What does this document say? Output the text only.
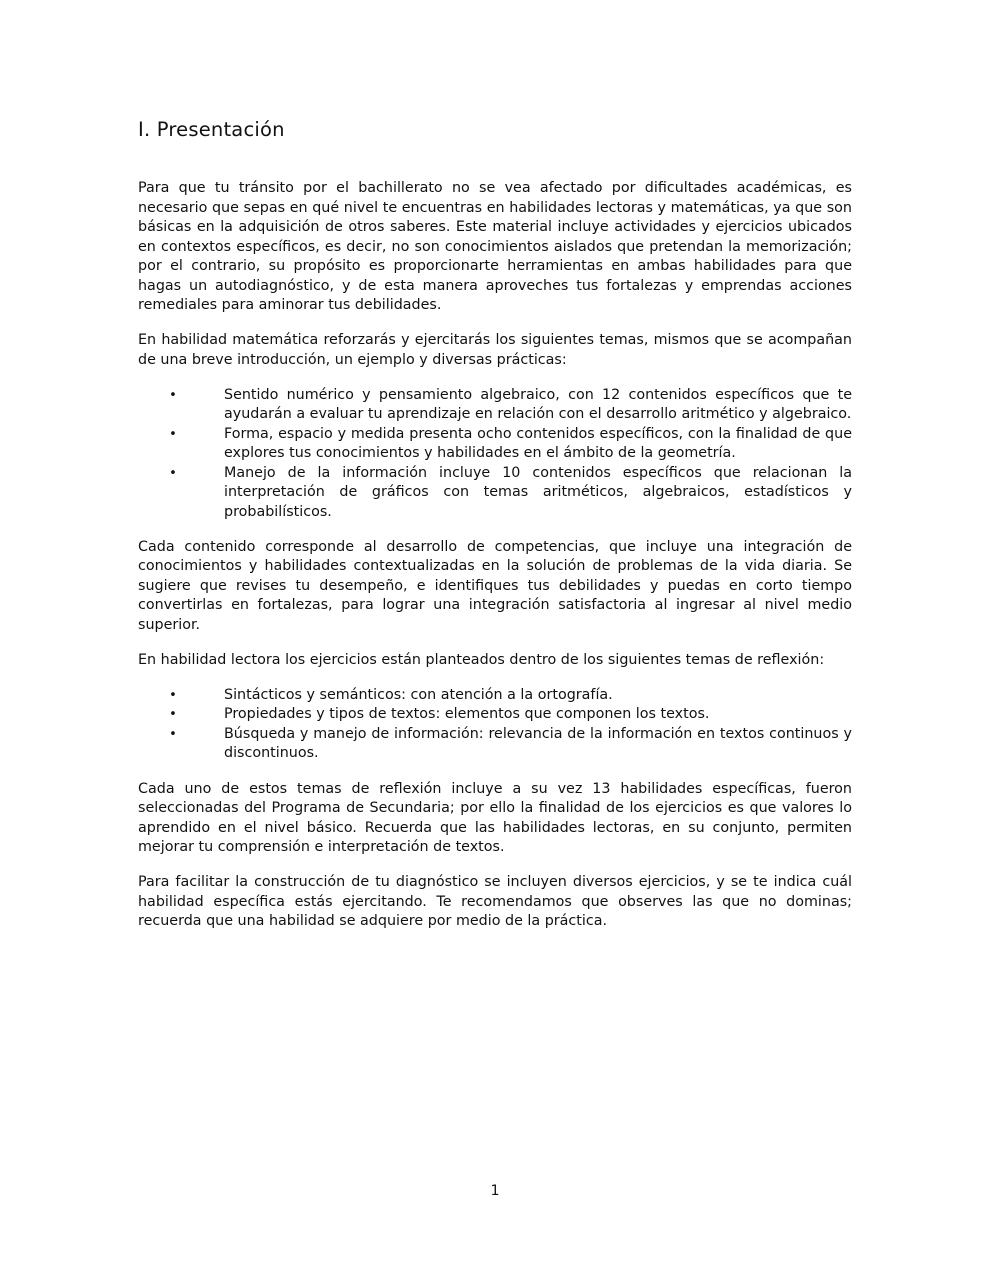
I. Presentación

Para que tu tránsito por el bachillerato no se vea afectado por dificultades académicas, es necesario que sepas en qué nivel te encuentras en habilidades lectoras y matemáticas, ya que son básicas en la adquisición de otros saberes. Este material incluye actividades y ejercicios ubicados en contextos específicos, es decir, no son conocimientos aislados que pretendan la memorización; por el contrario, su propósito es proporcionarte herramientas en ambas habilidades para que hagas un autodiagnóstico, y de esta manera aproveches tus fortalezas y emprendas acciones remediales para aminorar tus debilidades.

En habilidad matemática reforzarás y ejercitarás los siguientes temas, mismos que se acompañan de una breve introducción, un ejemplo y diversas prácticas:

•	Sentido numérico y pensamiento algebraico, con 12 contenidos específicos que te ayudarán a evaluar tu aprendizaje en relación con el desarrollo aritmético y algebraico.
•	Forma, espacio y medida presenta ocho contenidos específicos, con la finalidad de que explores tus conocimientos y habilidades en el ámbito de la geometría.
•	Manejo de la información incluye 10 contenidos específicos que relacionan la interpretación de gráficos con temas aritméticos, algebraicos, estadísticos y probabilísticos.

Cada contenido corresponde al desarrollo de competencias, que incluye una integración de conocimientos y habilidades contextualizadas en la solución de problemas de la vida diaria. Se sugiere que revises tu desempeño, e identifiques tus debilidades y puedas en corto tiempo convertirlas en fortalezas, para lograr una integración satisfactoria al ingresar al nivel medio superior.

En habilidad lectora los ejercicios están planteados dentro de los siguientes temas de reflexión:

•	Sintácticos y semánticos: con atención a la ortografía.
•	Propiedades y tipos de textos: elementos que componen los textos.
•	Búsqueda y manejo de información: relevancia de la información en textos continuos y discontinuos.

Cada uno de estos temas de reflexión incluye a su vez 13 habilidades específicas, fueron seleccionadas del Programa de Secundaria; por ello la finalidad de los ejercicios es que valores lo aprendido en el nivel básico. Recuerda que las habilidades lectoras, en su conjunto, permiten mejorar tu comprensión e interpretación de textos.

Para facilitar la construcción de tu diagnóstico se incluyen diversos ejercicios, y se te indica cuál habilidad específica estás ejercitando. Te recomendamos que observes las que no dominas; recuerda que una habilidad se adquiere por medio de la práctica.

1
